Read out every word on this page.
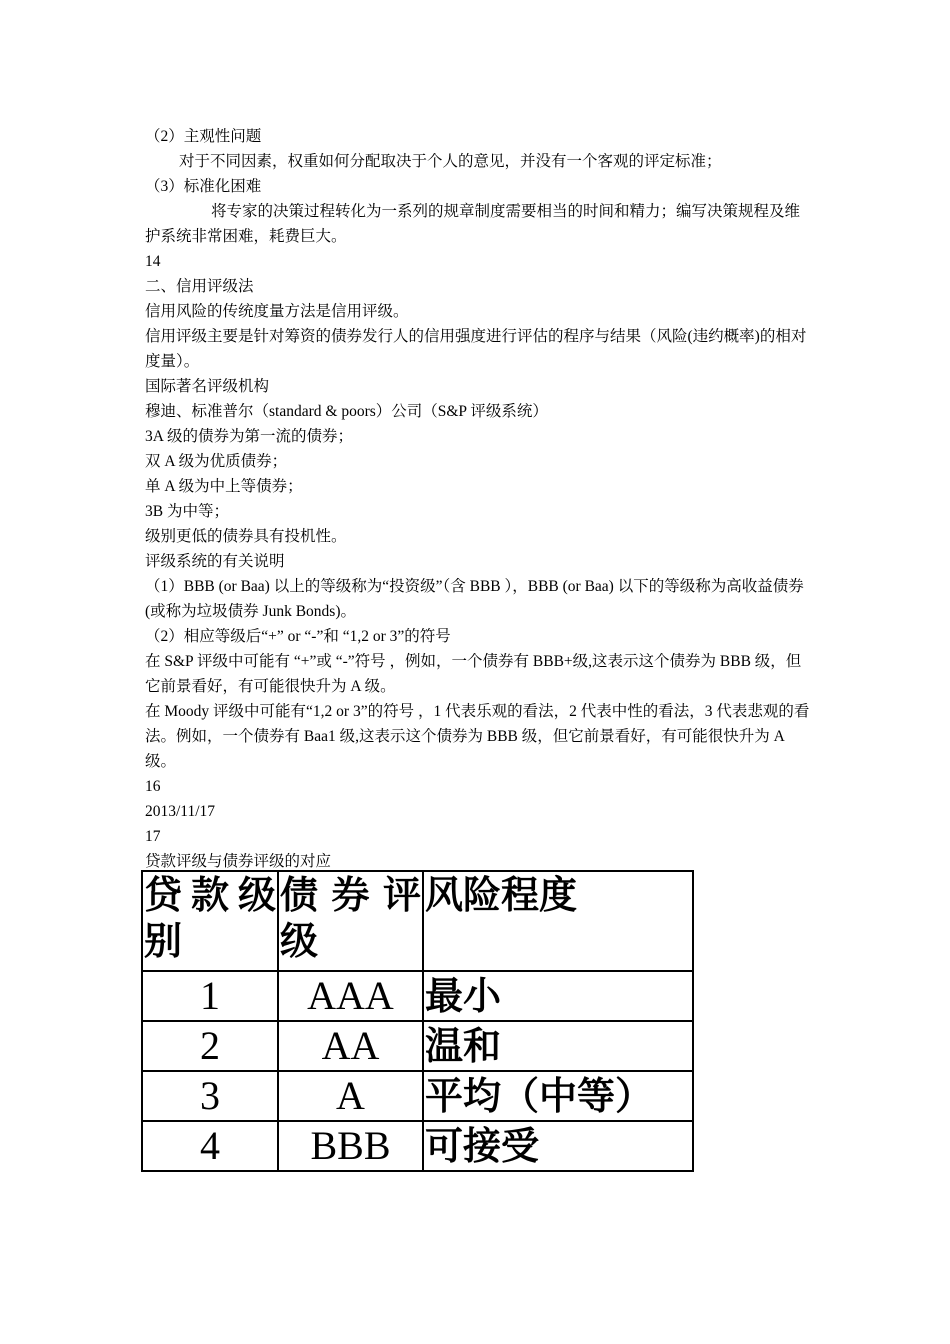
（2）主观性问题

对于不同因素，权重如何分配取决于个人的意见，并没有一个客观的评定标准；

（3）标准化困难

将专家的决策过程转化为一系列的规章制度需要相当的时间和精力；编写决策规程及维护系统非常困难，耗费巨大。

14

二、信用评级法

信用风险的传统度量方法是信用评级。

信用评级主要是针对筹资的债券发行人的信用强度进行评估的程序与结果（风险(违约概率)的相对度量）。

国际著名评级机构

穆迪、标准普尔（standard & poors）公司（S&P 评级系统）

3A 级的债券为第一流的债券；

双 A 级为优质债券；

单 A 级为中上等债券；

3B 为中等；

级别更低的债券具有投机性。

评级系统的有关说明

（1）BBB (or Baa) 以上的等级称为“投资级”（含 BBB ），BBB (or Baa) 以下的等级称为高收益债券 (或称为垃圾债券 Junk Bonds)。

（2）相应等级后“+” or “-”和 “1,2 or 3”的符号

在 S&P 评级中可能有 “+”或 “-”符号 ，例如，一个债券有 BBB+级,这表示这个债券为 BBB 级，但它前景看好，有可能很快升为 A 级。

在 Moody 评级中可能有“1,2 or 3”的符号 ，1 代表乐观的看法，2 代表中性的看法，3 代表悲观的看法。例如，一个债券有 Baa1 级,这表示这个债券为 BBB 级，但它前景看好，有可能很快升为 A 级。

16

2013/11/17

17

贷款评级与债券评级的对应

贷款级别	债券评级	风险程度
1	AAA	最小
2	AA	温和
3	A	平均（中等）
4	BBB	可接受
